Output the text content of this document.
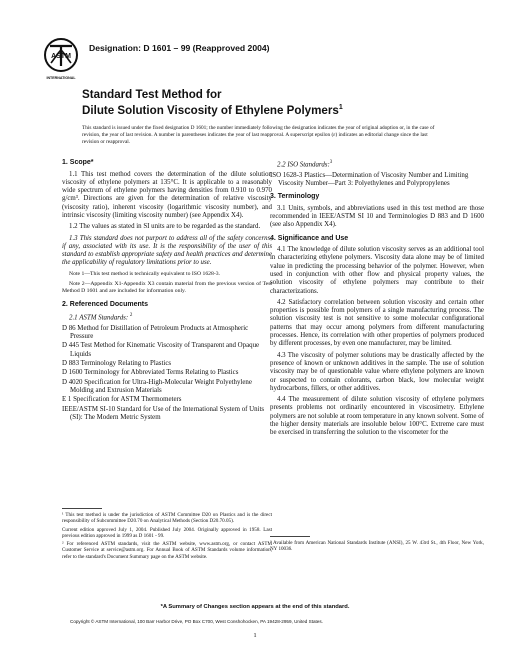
ASTM
INTERNATIONAL
Designation: D 1601 – 99 (Reapproved 2004)
Standard Test Method for
Dilute Solution Viscosity of Ethylene Polymers$^1$
This standard is issued under the fixed designation D 1601; the number immediately following the designation indicates the year of original adoption or, in the case of revision, the year of last revision. A number in parentheses indicates the year of last reapproval. A superscript epsilon (ε) indicates an editorial change since the last revision or reapproval.
1. Scope*

1.1 This test method covers the determination of the dilute solution viscosity of ethylene polymers at 135°C. It is applicable to a reasonably wide spectrum of ethylene polymers having densities from 0.910 to 0.970 g/cm³. Directions are given for the determination of relative viscosity (viscosity ratio), inherent viscosity (logarithmic viscosity number), and intrinsic viscosity (limiting viscosity number) (see Appendix X4).

1.2 The values as stated in SI units are to be regarded as the standard.

1.3 This standard does not purport to address all of the safety concerns, if any, associated with its use. It is the responsibility of the user of this standard to establish appropriate safety and health practices and determine the applicability of regulatory limitations prior to use.

Note 1—This test method is technically equivalent to ISO 1628-3.

Note 2—Appendix X1-Appendix X3 contain material from the previous version of Test Method D 1601 and are included for information only.

2. Referenced Documents

2.1 ASTM Standards: $^2$

D 86 Method for Distillation of Petroleum Products at Atmospheric Pressure

D 445 Test Method for Kinematic Viscosity of Transparent and Opaque Liquids

D 883 Terminology Relating to Plastics

D 1600 Terminology for Abbreviated Terms Relating to Plastics

D 4020 Specification for Ultra-High-Molecular Weight Polyethylene Molding and Extrusion Materials

E 1 Specification for ASTM Thermometers

IEEE/ASTM SI-10 Standard for Use of the International System of Units (SI): The Modern Metric System

¹ This test method is under the jurisdiction of ASTM Committee D20 on Plastics and is the direct responsibility of Subcommittee D20.70 on Analytical Methods (Section D20.70.05).

Current edition approved July 1, 2004. Published July 2004. Originally approved in 1958. Last previous edition approved in 1999 as D 1601 - 99.

² For referenced ASTM standards, visit the ASTM website, www.astm.org, or contact ASTM Customer Service at service@astm.org. For Annual Book of ASTM Standards volume information, refer to the standard's Document Summary page on the ASTM website.

2.2 ISO Standards:$^3$

ISO 1628-3 Plastics—Determination of Viscosity Number and Limiting Viscosity Number—Part 3: Polyethylenes and Polypropylenes

3. Terminology

3.1 Units, symbols, and abbreviations used in this test method are those recommended in IEEE/ASTM SI 10 and Terminologies D 883 and D 1600 (see also Appendix X4).

4. Significance and Use

4.1 The knowledge of dilute solution viscosity serves as an additional tool in characterizing ethylene polymers. Viscosity data alone may be of limited value in predicting the processing behavior of the polymer. However, when used in conjunction with other flow and physical property values, the solution viscosity of ethylene polymers may contribute to their characterizations.

4.2 Satisfactory correlation between solution viscosity and certain other properties is possible from polymers of a single manufacturing process. The solution viscosity test is not sensitive to some molecular configurational patterns that may occur among polymers from different manufacturing processes. Hence, its correlation with other properties of polymers produced by different processes, by even one manufacturer, may be limited.

4.3 The viscosity of polymer solutions may be drastically affected by the presence of known or unknown additives in the sample. The use of solution viscosity may be of questionable value where ethylene polymers are known or suspected to contain colorants, carbon black, low molecular weight hydrocarbons, fillers, or other additives.

4.4 The measurement of dilute solution viscosity of ethylene polymers presents problems not ordinarily encountered in viscosimetry. Ethylene polymers are not soluble at room temperature in any known solvent. Some of the higher density materials are insoluble below 100°C. Extreme care must be exercised in transferring the solution to the viscometer for the

³ Available from American National Standards Institute (ANSI), 25 W. 43rd St., 4th Floor, New York, NY 10036.

*A Summary of Changes section appears at the end of this standard.
Copyright © ASTM International, 100 Barr Harbor Drive, PO Box C700, West Conshohocken, PA 19428-2959, United States.
1
